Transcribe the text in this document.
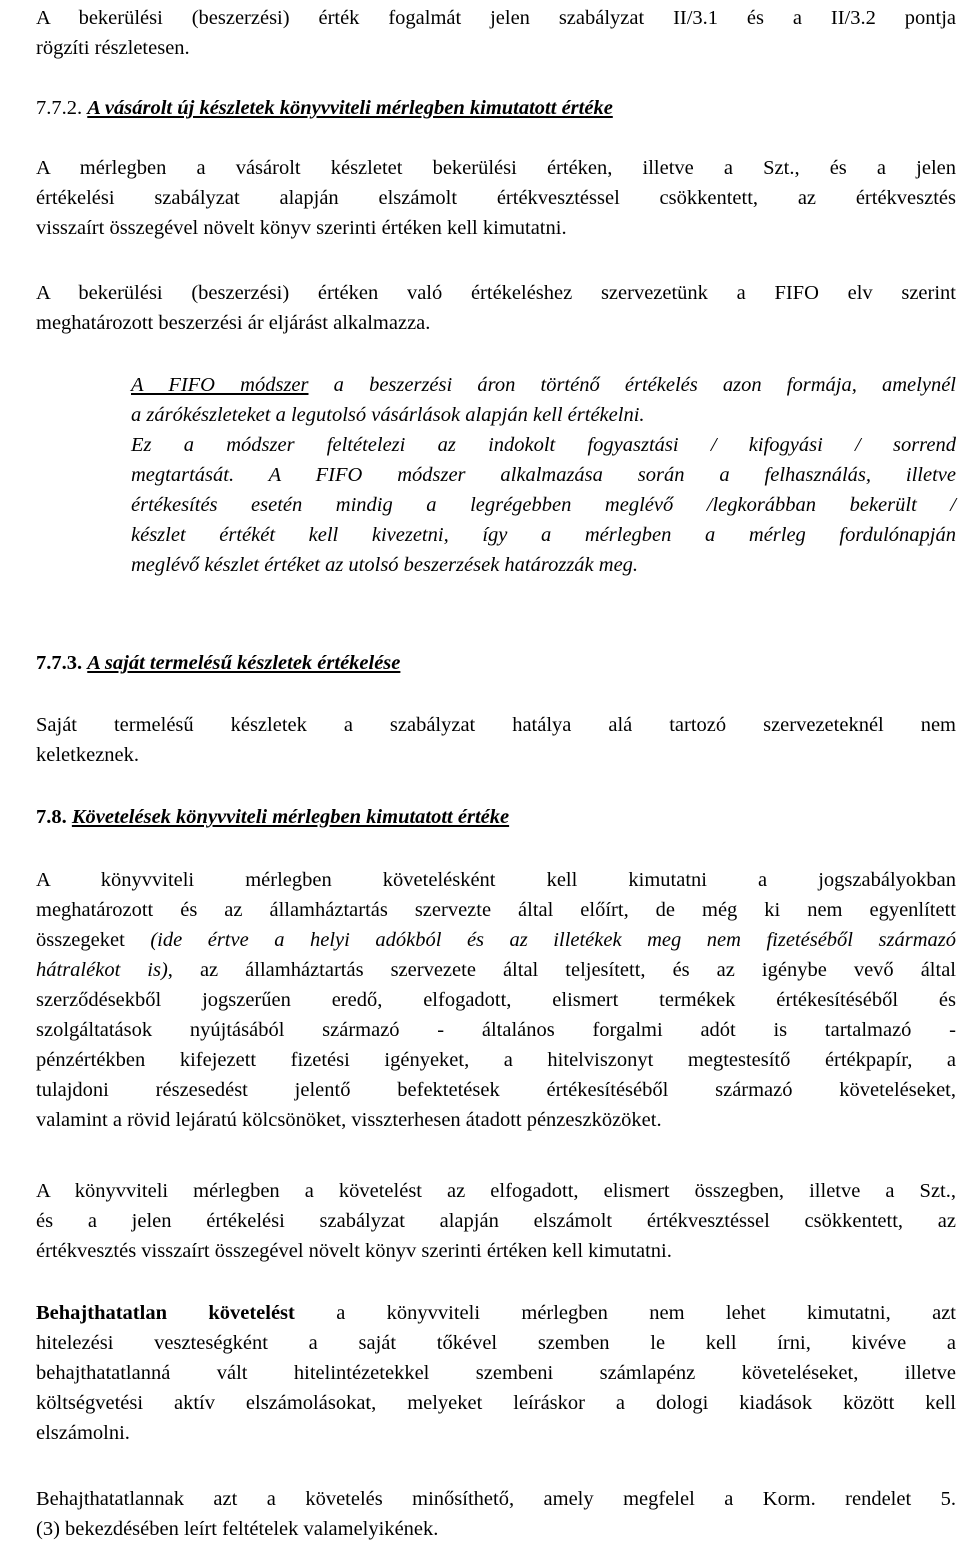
A bekerülési (beszerzési) érték fogalmát jelen szabályzat II/3.1 és a II/3.2 pontja
rögzíti részletesen.
7.7.2. A vásárolt új készletek könyvviteli mérlegben kimutatott értéke
A mérlegben a vásárolt készletet bekerülési értéken, illetve a Szt., és a jelen
értékelési szabályzat alapján elszámolt értékvesztéssel csökkentett, az értékvesztés
visszaírt összegével növelt könyv szerinti értéken kell kimutatni.
A bekerülési (beszerzési) értéken való értékeléshez szervezetünk a FIFO elv szerint
meghatározott beszerzési ár eljárást alkalmazza.
A FIFO módszer a beszerzési áron történő értékelés azon formája, amelynél
a zárókészleteket a legutolsó vásárlások alapján kell értékelni.
Ez a módszer feltételezi az indokolt fogyasztási / kifogyási / sorrend
megtartását. A FIFO módszer alkalmazása során a felhasználás, illetve
értékesítés esetén mindig a legrégebben meglévő /legkorábban bekerült /
készlet értékét kell kivezetni, így a mérlegben a mérleg fordulónapján
meglévő készlet értéket az utolsó beszerzések határozzák meg.
7.7.3. A saját termelésű készletek értékelése
Saját termelésű készletek a szabályzat hatálya alá tartozó szervezeteknél nem
keletkeznek.
7.8. Követelések könyvviteli mérlegben kimutatott értéke
A könyvviteli mérlegben követelésként kell kimutatni a jogszabályokban
meghatározott és az államháztartás szervezte által előírt, de még ki nem egyenlített
összegeket (ide értve a helyi adókból és az illetékek meg nem fizetéséből származó
hátralékot is), az államháztartás szervezete által teljesített, és az igénybe vevő által
szerződésekből jogszerűen eredő, elfogadott, elismert termékek értékesítéséből és
szolgáltatások nyújtásából származó - általános forgalmi adót is tartalmazó -
pénzértékben kifejezett fizetési igényeket, a hitelviszonyt megtestesítő értékpapír, a
tulajdoni részesedést jelentő befektetések értékesítéséből származó követeléseket,
valamint a rövid lejáratú kölcsönöket, visszterhesen átadott pénzeszközöket.
A könyvviteli mérlegben a követelést az elfogadott, elismert összegben, illetve a Szt.,
és a jelen értékelési szabályzat alapján elszámolt értékvesztéssel csökkentett, az
értékvesztés visszaírt összegével növelt könyv szerinti értéken kell kimutatni.
Behajthatatlan követelést a könyvviteli mérlegben nem lehet kimutatni, azt
hitelezési veszteségként a saját tőkével szemben le kell írni, kivéve a
behajthatatlanná vált hitelintézetekkel szembeni számlapénz követeléseket, illetve
költségvetési aktív elszámolásokat, melyeket leíráskor a dologi kiadások között kell
elszámolni.
Behajthatatlannak azt a követelés minősíthető, amely megfelel a Korm. rendelet 5.
(3) bekezdésében leírt feltételek valamelyikének.
